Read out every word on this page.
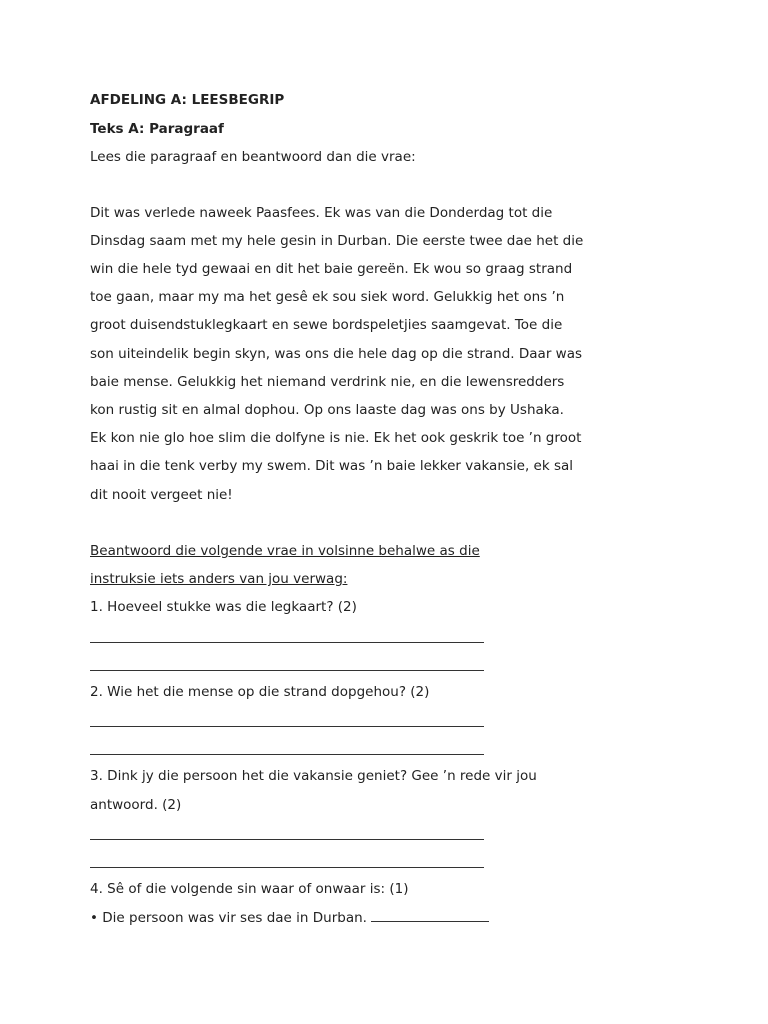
AFDELING A: LEESBEGRIP
Teks A: Paragraaf
Lees die paragraaf en beantwoord dan die vrae:
Dit was verlede naweek Paasfees. Ek was van die Donderdag tot die
Dinsdag saam met my hele gesin in Durban. Die eerste twee dae het die
win die hele tyd gewaai en dit het baie gereën. Ek wou so graag strand
toe gaan, maar my ma het gesê ek sou siek word. Gelukkig het ons ’n
groot duisendstuklegkaart en sewe bordspeletjies saamgevat. Toe die
son uiteindelik begin skyn, was ons die hele dag op die strand. Daar was
baie mense. Gelukkig het niemand verdrink nie, en die lewensredders
kon rustig sit en almal dophou. Op ons laaste dag was ons by Ushaka.
Ek kon nie glo hoe slim die dolfyne is nie. Ek het ook geskrik toe ’n groot
haai in die tenk verby my swem. Dit was ’n baie lekker vakansie, ek sal
dit nooit vergeet nie!
Beantwoord die volgende vrae in volsinne behalwe as die
instruksie iets anders van jou verwag:
1. Hoeveel stukke was die legkaart? (2)
2. Wie het die mense op die strand dopgehou? (2)
3. Dink jy die persoon het die vakansie geniet? Gee ’n rede vir jou
antwoord. (2)
4. Sê of die volgende sin waar of onwaar is: (1)
• Die persoon was vir ses dae in Durban.
